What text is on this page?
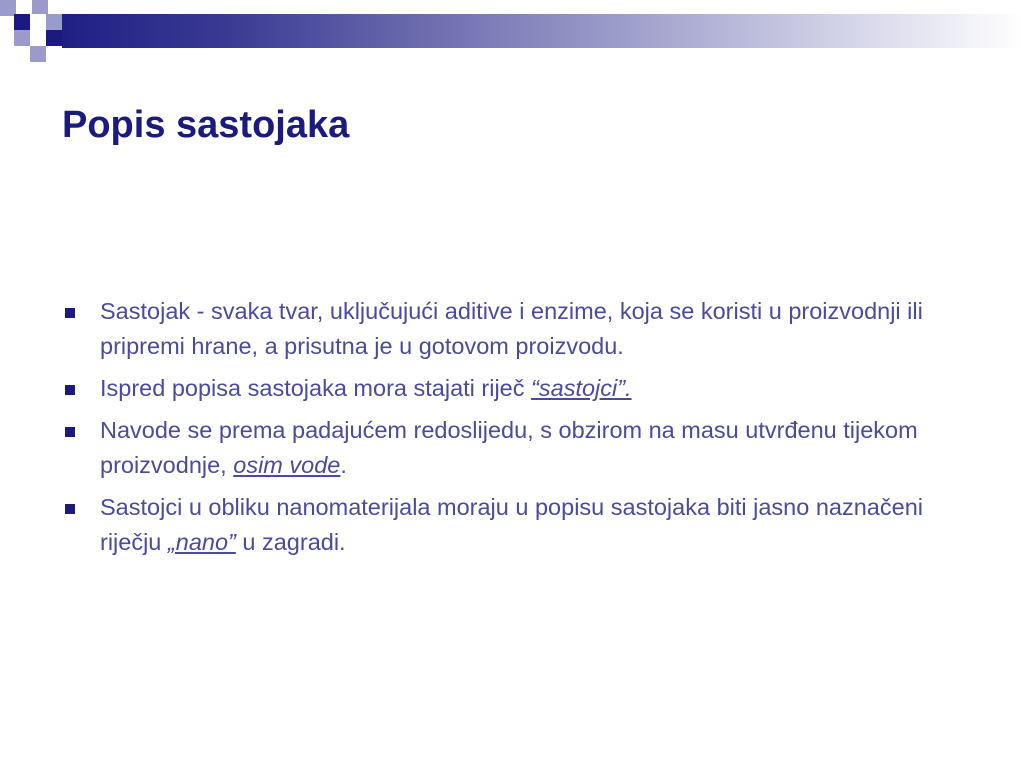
Popis sastojaka
Sastojak - svaka tvar, uključujući aditive i enzime, koja se koristi u proizvodnji ili pripremi hrane, a prisutna je u gotovom proizvodu.
Ispred popisa sastojaka mora stajati riječ “sastojci”.
Navode se prema padajućem redoslijedu, s obzirom na masu utvrđenu tijekom proizvodnje, osim vode.
Sastojci u obliku nanomaterijala moraju u popisu sastojaka biti jasno naznačeni riječju „nano” u zagradi.
